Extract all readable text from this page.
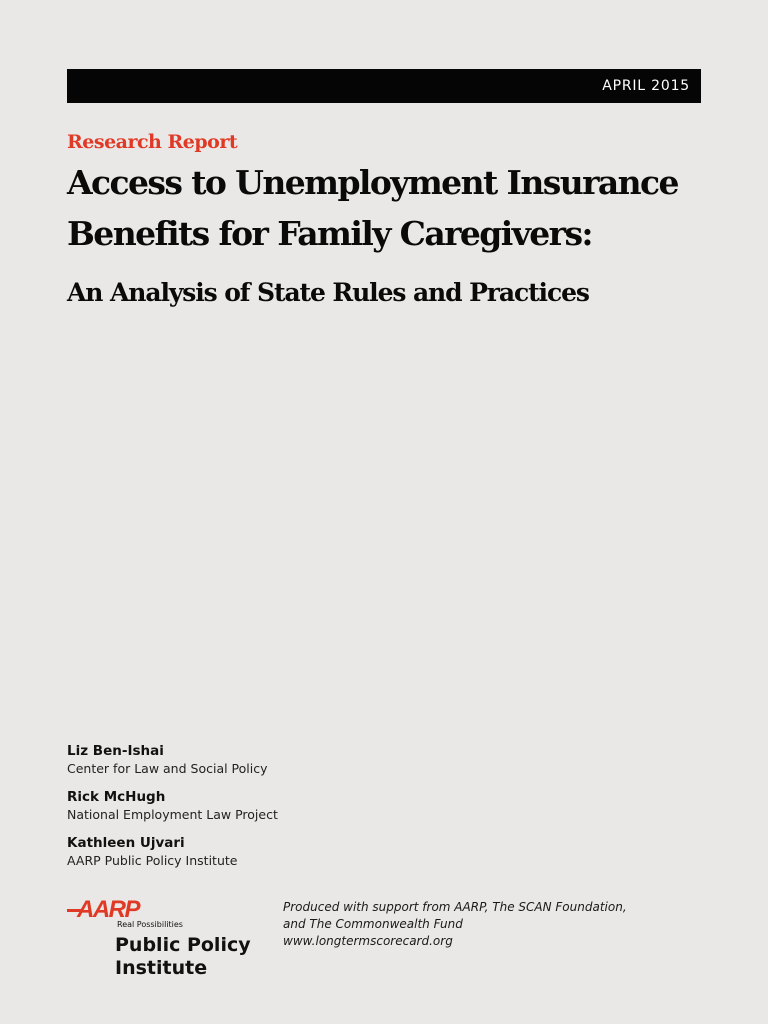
APRIL 2015
Research Report
Access to Unemployment Insurance
Benefits for Family Caregivers:
An Analysis of State Rules and Practices
Liz Ben-Ishai
Center for Law and Social Policy
Rick McHugh
National Employment Law Project
Kathleen Ujvari
AARP Public Policy Institute
AARP
Real Possibilities

Public Policy
Institute

Produced with support from AARP, The SCAN Foundation,
and The Commonwealth Fund
www.longtermscorecard.org
